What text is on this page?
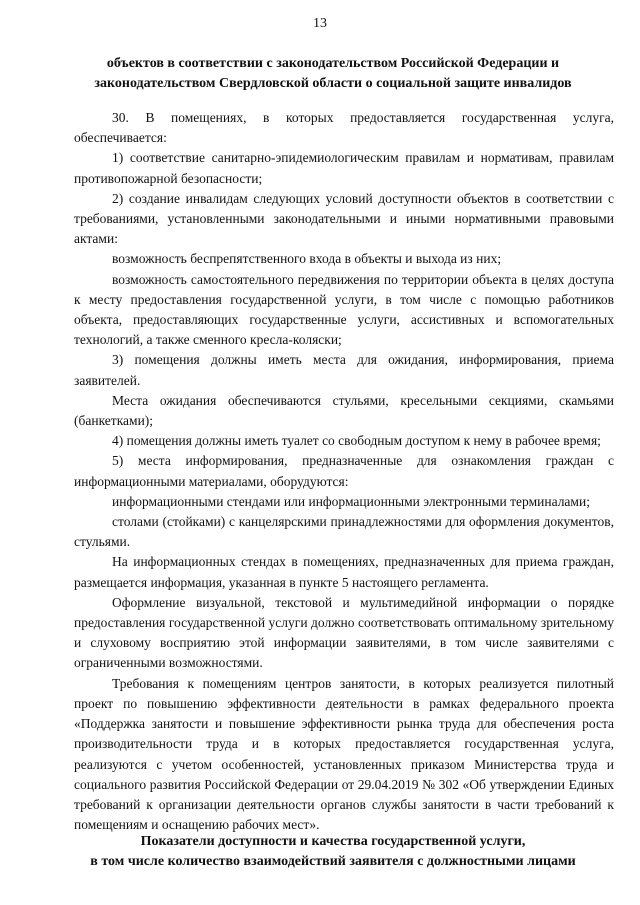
13
объектов в соответствии с законодательством Российской Федерации и
законодательством Свердловской области о социальной защите инвалидов

30. В помещениях, в которых предоставляется государственная услуга, обеспечивается:

1) соответствие санитарно-эпидемиологическим правилам и нормативам, правилам противопожарной безопасности;

2) создание инвалидам следующих условий доступности объектов в соответствии с требованиями, установленными законодательными и иными нормативными правовыми актами:

возможность беспрепятственного входа в объекты и выхода из них;

возможность самостоятельного передвижения по территории объекта в целях доступа к месту предоставления государственной услуги, в том числе с помощью работников объекта, предоставляющих государственные услуги, ассистивных и вспомогательных технологий, а также сменного кресла-коляски;

3) помещения должны иметь места для ожидания, информирования, приема заявителей.

Места ожидания обеспечиваются стульями, кресельными секциями, скамьями (банкетками);

4) помещения должны иметь туалет со свободным доступом к нему в рабочее время;

5) места информирования, предназначенные для ознакомления граждан с информационными материалами, оборудуются:

информационными стендами или информационными электронными терминалами;

столами (стойками) с канцелярскими принадлежностями для оформления документов, стульями.

На информационных стендах в помещениях, предназначенных для приема граждан, размещается информация, указанная в пункте 5 настоящего регламента.

Оформление визуальной, текстовой и мультимедийной информации о порядке предоставления государственной услуги должно соответствовать оптимальному зрительному и слуховому восприятию этой информации заявителями, в том числе заявителями с ограниченными возможностями.

Требования к помещениям центров занятости, в которых реализуется пилотный проект по повышению эффективности деятельности в рамках федерального проекта «Поддержка занятости и повышение эффективности рынка труда для обеспечения роста производительности труда и в которых предоставляется государственная услуга, реализуются с учетом особенностей, установленных приказом Министерства труда и социального развития Российской Федерации от 29.04.2019 № 302 «Об утверждении Единых требований к организации деятельности органов службы занятости в части требований к помещениям и оснащению рабочих мест».

Показатели доступности и качества государственной услуги,
в том числе количество взаимодействий заявителя с должностными лицами
